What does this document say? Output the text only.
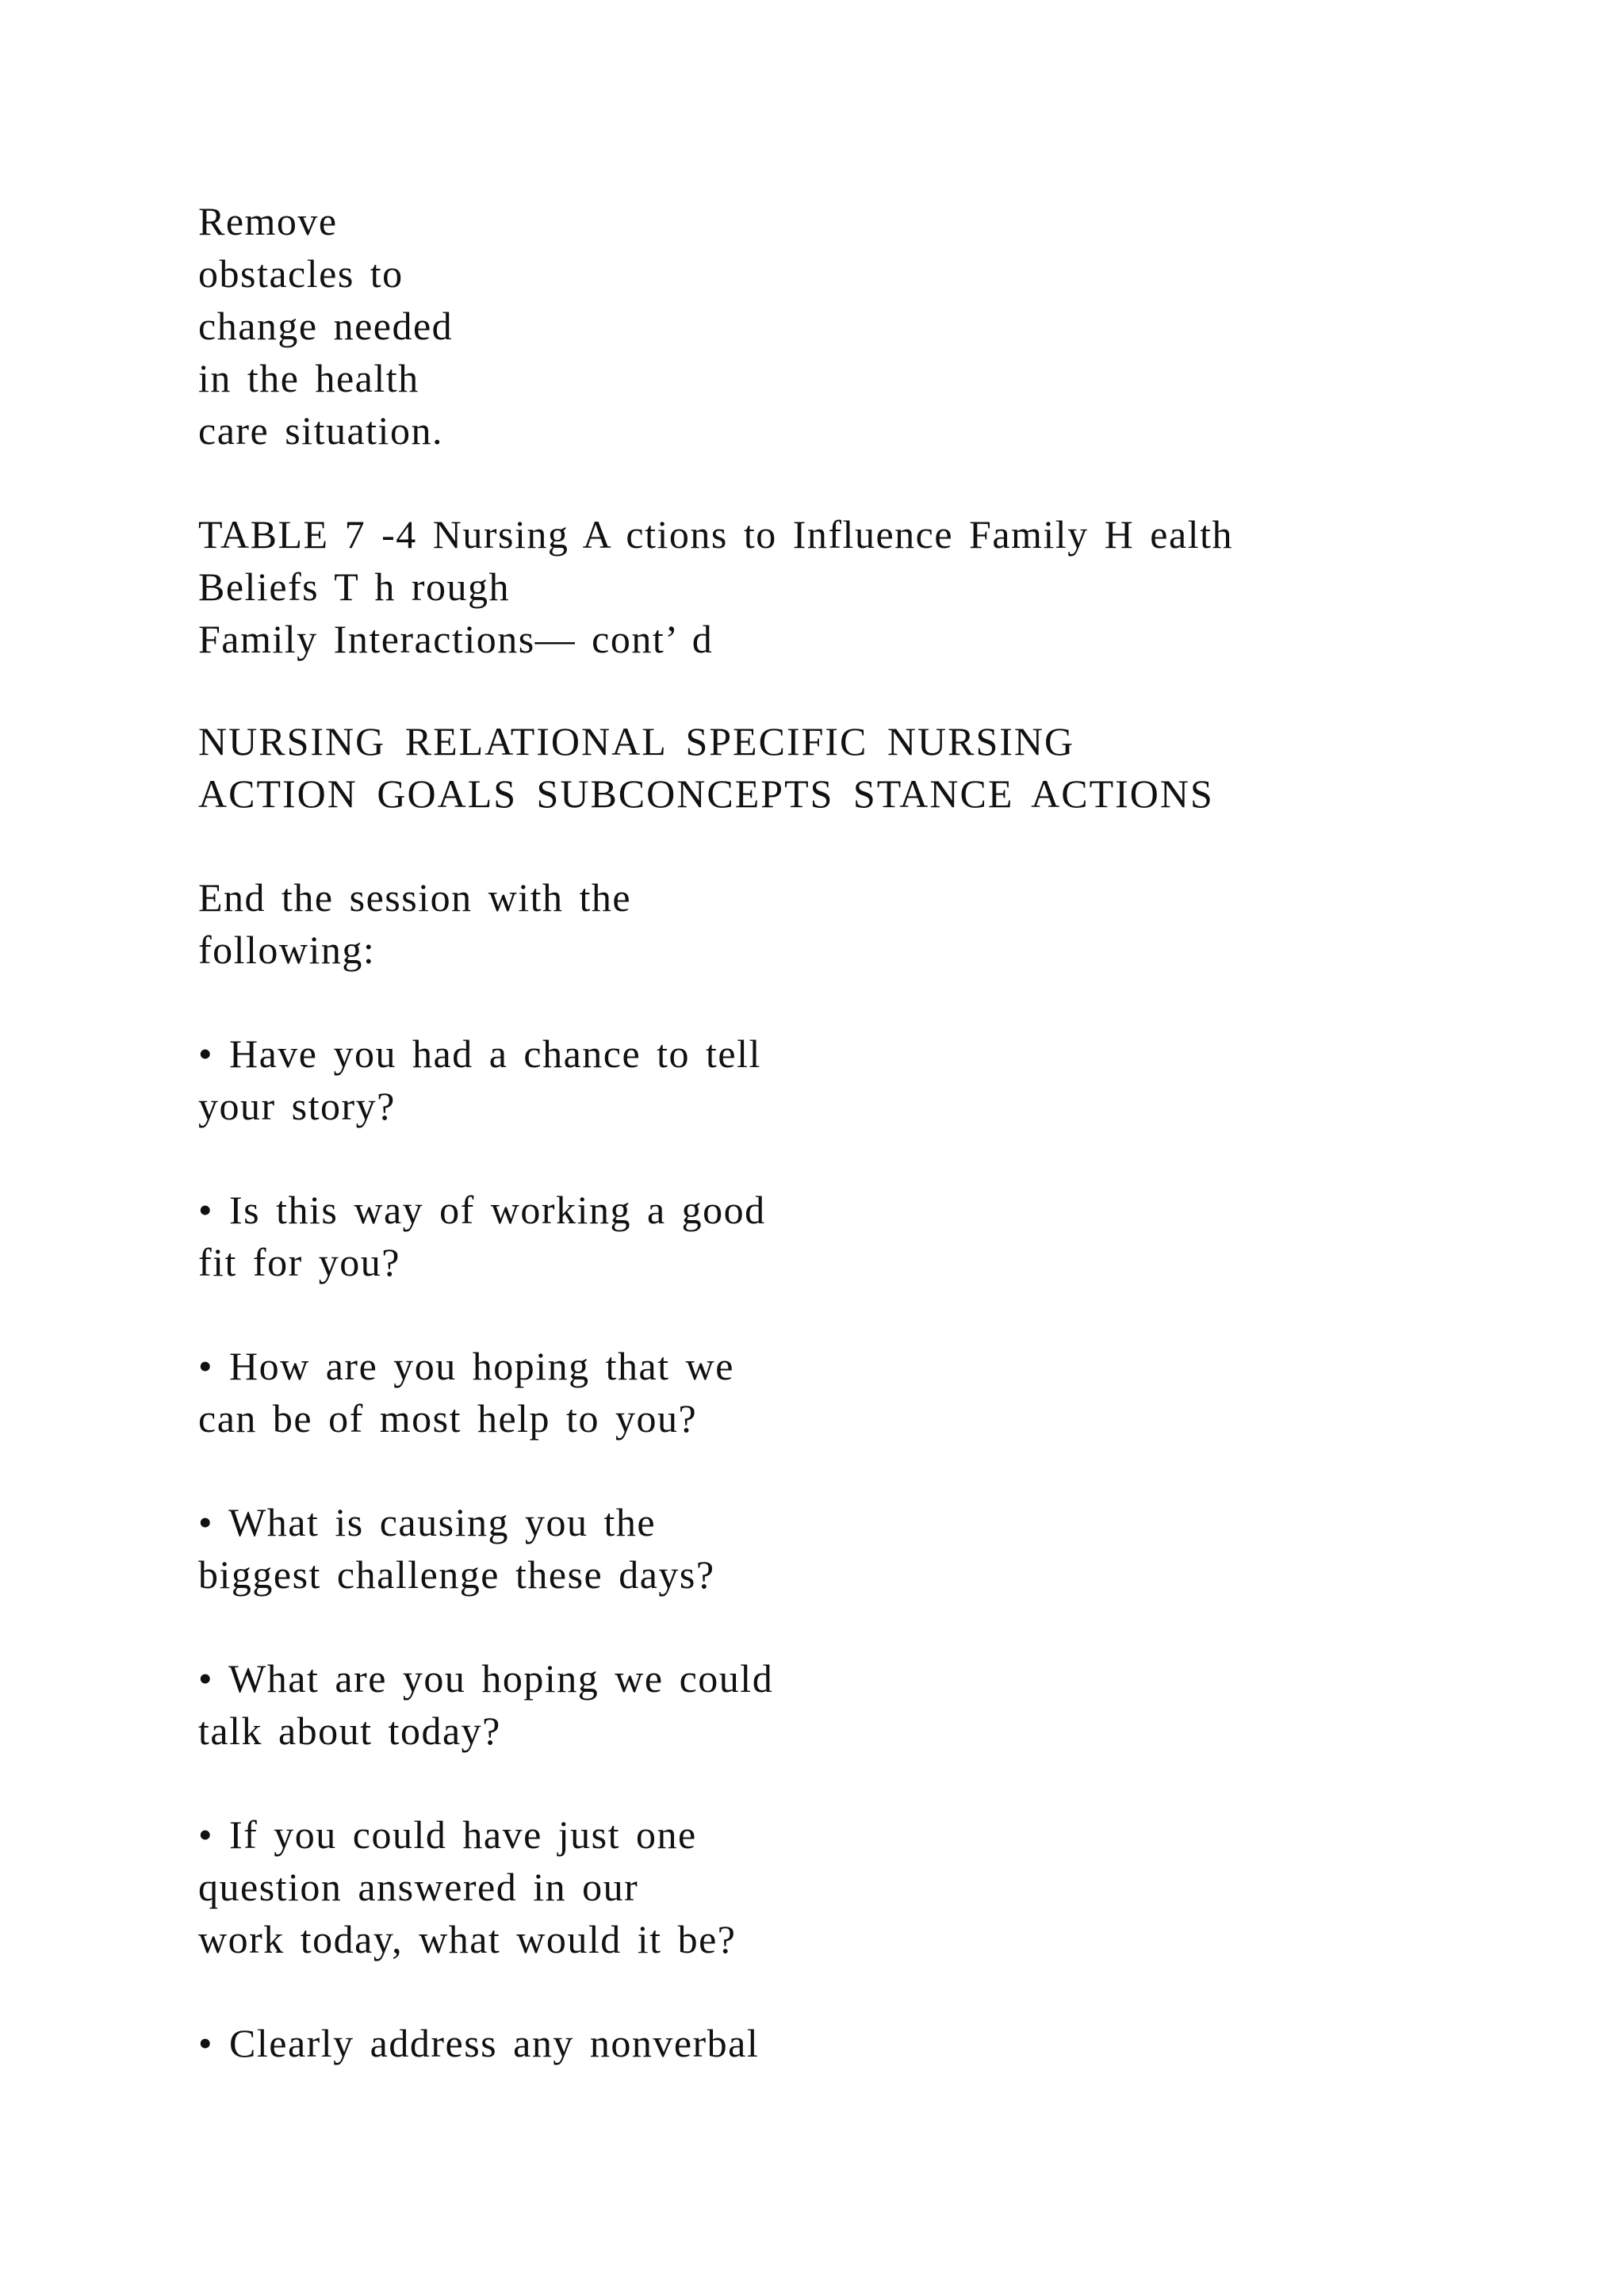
Remove
obstacles to
change needed
in the health
care situation.

TABLE 7 -4 Nursing A ctions to Influence Family H ealth
Beliefs T h rough
Family Interactions— cont’ d

NURSING RELATIONAL SPECIFIC NURSING
ACTION GOALS SUBCONCEPTS STANCE ACTIONS

End the session with the
following:

• Have you had a chance to tell
your story?

• Is this way of working a good
fit for you?

• How are you hoping that we
can be of most help to you?

• What is causing you the
biggest challenge these days?

• What are you hoping we could
talk about today?

• If you could have just one
question answered in our
work today, what would it be?

• Clearly address any nonverbal
